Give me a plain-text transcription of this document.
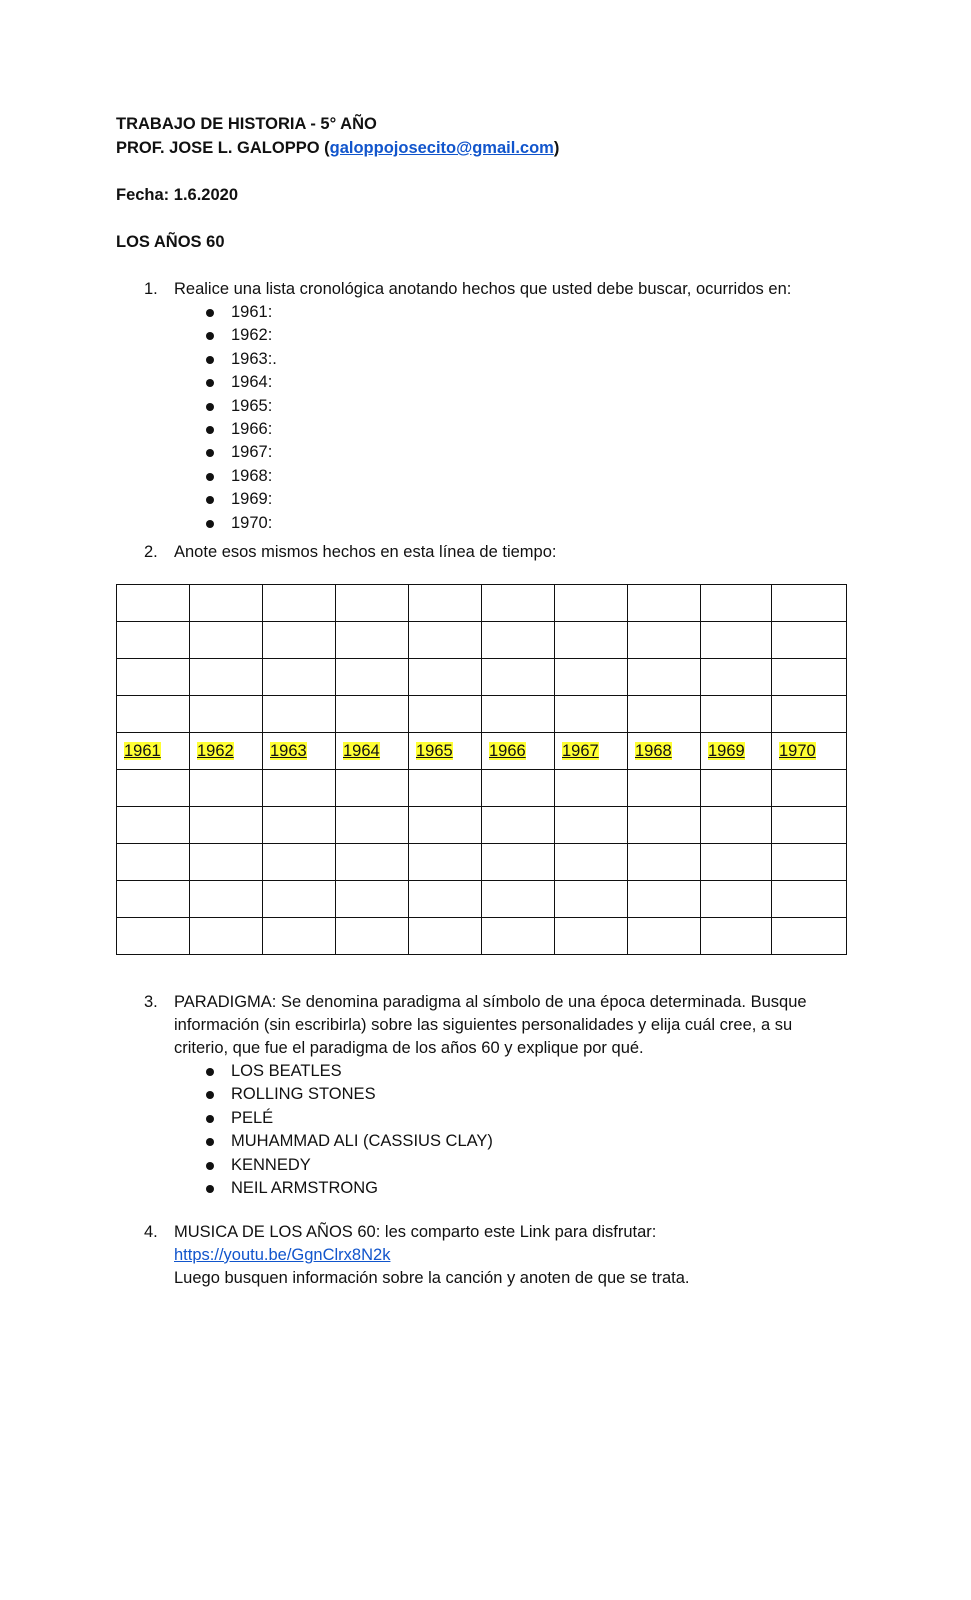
TRABAJO DE HISTORIA - 5° AÑO
PROF. JOSE L. GALOPPO (galoppojosecito@gmail.com)
Fecha: 1.6.2020
LOS AÑOS 60
1. Realice una lista cronológica anotando hechos que usted debe buscar, ocurridos en:
1961:
1962:
1963:.
1964:
1965:
1966:
1967:
1968:
1969:
1970:
2. Anote esos mismos hechos en esta línea de tiempo:

1961	1962	1963	1964	1965	1966	1967	1968	1969	1970

3. PARADIGMA: Se denomina paradigma al símbolo de una época determinada. Busque
información (sin escribirla) sobre las siguientes personalidades y elija cuál cree, a su
criterio, que fue el paradigma de los años 60 y explique por qué.
LOS BEATLES
ROLLING STONES
PELÉ
MUHAMMAD ALI (CASSIUS CLAY)
KENNEDY
NEIL ARMSTRONG
4. MUSICA DE LOS AÑOS 60: les comparto este Link para disfrutar:
https://youtu.be/GgnClrx8N2k
Luego busquen información sobre la canción y anoten de que se trata.
